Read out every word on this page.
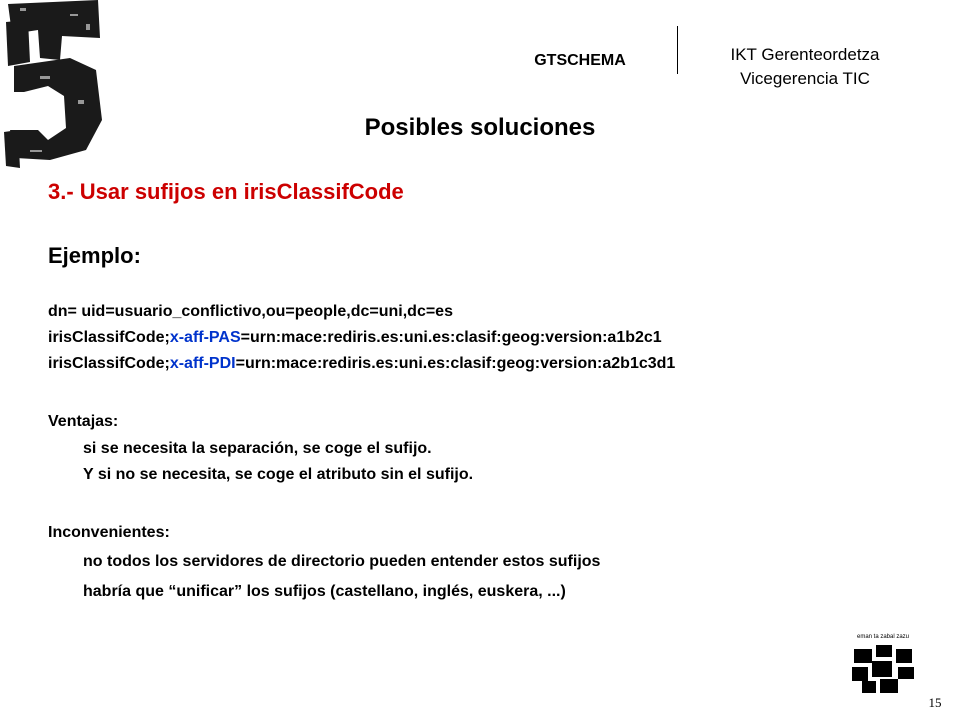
GTSCHEMA	IKT Gerenteordetza
Vicegerencia TIC
Posibles soluciones
3.- Usar sufijos en irisClassifCode
Ejemplo:
dn= uid=usuario_conflictivo,ou=people,dc=uni,dc=es
irisClassifCode;x-aff-PAS=urn:mace:rediris.es:uni.es:clasif:geog:version:a1b2c1
irisClassifCode;x-aff-PDI=urn:mace:rediris.es:uni.es:clasif:geog:version:a2b1c3d1
Ventajas:
si se necesita la separación, se coge el sufijo.
Y si no se necesita, se coge el atributo sin el sufijo.
Inconvenientes:
no todos los servidores de directorio pueden entender estos sufijos
habría que “unificar” los sufijos (castellano, inglés, euskera, ...)
eman ta zabal zazu
15
